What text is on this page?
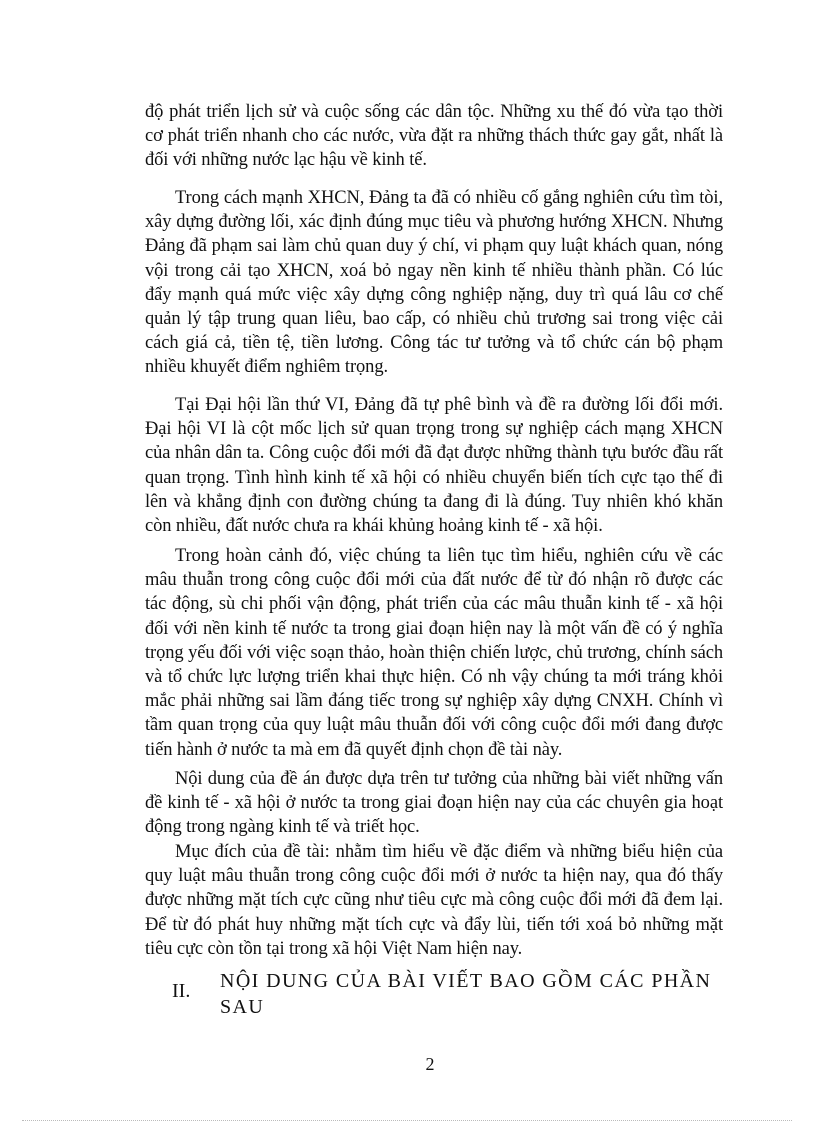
độ phát triển lịch sử và cuộc sống các dân tộc. Những xu thế đó vừa tạo thời cơ phát triển nhanh cho các nước, vừa đặt ra những thách thức gay gắt, nhất là đối với những nước lạc hậu về kinh tế.

Trong cách mạnh XHCN, Đảng ta đã có nhiều cố gắng nghiên cứu tìm tòi, xây dựng đường lối, xác định đúng mục tiêu và phương hướng XHCN. Nhưng Đảng đã phạm sai làm chủ quan duy ý chí, vi phạm quy luật khách quan, nóng vội trong cải tạo XHCN, xoá bỏ ngay nền kinh tế nhiều thành phần. Có lúc đẩy mạnh quá mức việc xây dựng công nghiệp nặng, duy trì quá lâu cơ chế quản lý tập trung quan liêu, bao cấp, có nhiều chủ trương sai trong việc cải cách giá cả, tiền tệ, tiền lương. Công tác tư tưởng và tổ chức cán bộ phạm nhiều khuyết điểm nghiêm trọng.

Tại Đại hội lần thứ VI, Đảng đã tự phê bình và đề ra đường lối đổi mới. Đại hội VI là cột mốc lịch sử quan trọng trong sự nghiệp cách mạng XHCN của nhân dân ta. Công cuộc đổi mới đã đạt được những thành tựu bước đầu rất quan trọng. Tình hình kinh tế xã hội có nhiều chuyển biến tích cực tạo thế đi lên và khẳng định con đường chúng ta đang đi là đúng. Tuy nhiên khó khăn còn nhiều, đất nước chưa ra khái khủng hoảng kinh tế - xã hội.

Trong hoàn cảnh đó, việc chúng ta liên tục tìm hiểu, nghiên cứu về các mâu thuẫn trong công cuộc đổi mới của đất nước để từ đó nhận rõ được các tác động, sù chi phối vận động, phát triển của các mâu thuẫn kinh tế - xã hội đối với nền kinh tế nước ta trong giai đoạn hiện nay là một vấn đề có ý nghĩa trọng yếu đối với việc soạn thảo, hoàn thiện chiến lược, chủ trương, chính sách và tổ chức lực lượng triển khai thực hiện. Có nh vậy chúng ta mới tráng khỏi mắc phải những sai lầm đáng tiếc trong sự nghiệp xây dựng CNXH. Chính vì tầm quan trọng của quy luật mâu thuẫn đối với công cuộc đổi mới đang được tiến hành ở nước ta mà em đã quyết định chọn đề tài này.

Nội dung của đề án được dựa trên tư tưởng của những bài viết những vấn đề kinh tế - xã hội ở nước ta trong giai đoạn hiện nay của các chuyên gia hoạt động trong ngàng kinh tế và triết học.

Mục đích của đề tài: nhằm tìm hiểu về đặc điểm và những biểu hiện của quy luật mâu thuẫn trong công cuộc đổi mới ở nước ta hiện nay, qua đó thấy được những mặt tích cực cũng như tiêu cực mà công cuộc đổi mới đã đem lại. Để từ đó phát huy những mặt tích cực và đẩy lùi, tiến tới xoá bỏ những mặt tiêu cực còn tồn tại trong xã hội Việt Nam hiện nay.

II.	NỘI DUNG CỦA BÀI VIẾT BAO GỒM CÁC PHẦN SAU
2
